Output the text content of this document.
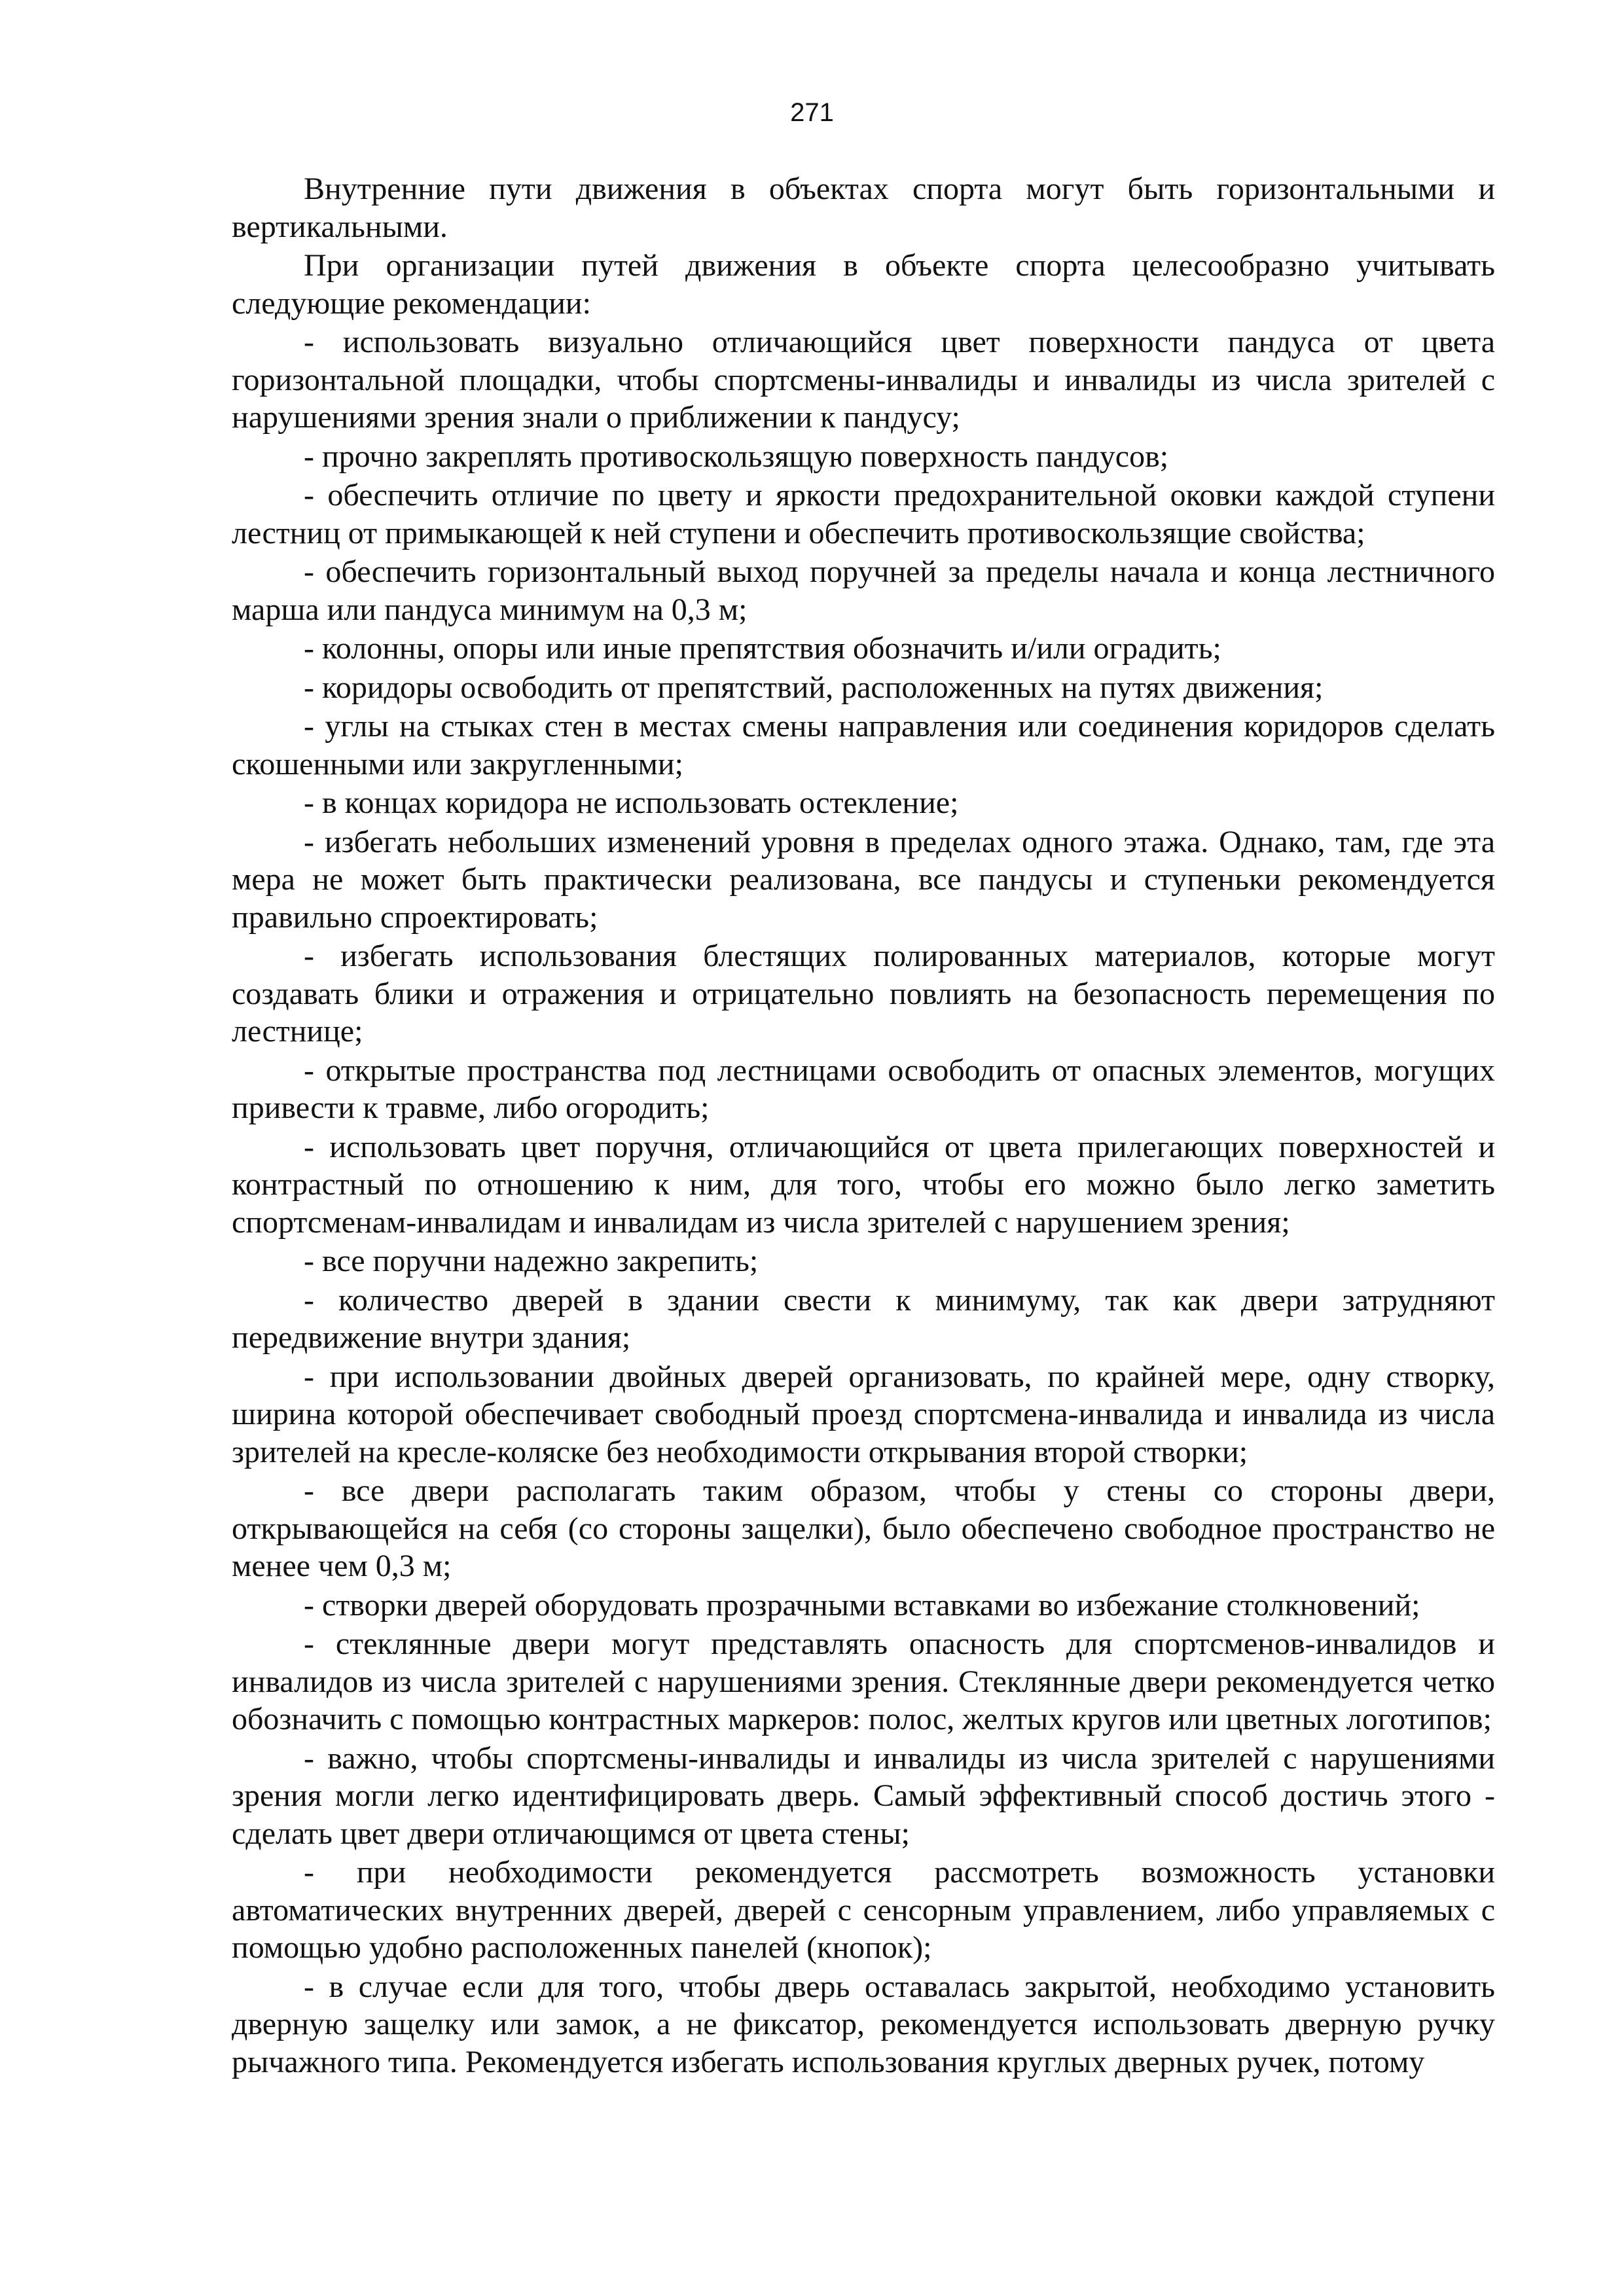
271

Внутренние пути движения в объектах спорта могут быть горизонтальными и вертикальными.

При организации путей движения в объекте спорта целесообразно учитывать следующие рекомендации:

- использовать визуально отличающийся цвет поверхности пандуса от цвета горизонтальной площадки, чтобы спортсмены-инвалиды и инвалиды из числа зрителей с нарушениями зрения знали о приближении к пандусу;

- прочно закреплять противоскользящую поверхность пандусов;

- обеспечить отличие по цвету и яркости предохранительной оковки каждой ступени лестниц от примыкающей к ней ступени и обеспечить противоскользящие свойства;

- обеспечить горизонтальный выход поручней за пределы начала и конца лестничного марша или пандуса минимум на 0,3 м;

- колонны, опоры или иные препятствия обозначить и/или оградить;

- коридоры освободить от препятствий, расположенных на путях движения;

- углы на стыках стен в местах смены направления или соединения коридоров сделать скошенными или закругленными;

- в концах коридора не использовать остекление;

- избегать небольших изменений уровня в пределах одного этажа. Однако, там, где эта мера не может быть практически реализована, все пандусы и ступеньки рекомендуется правильно спроектировать;

- избегать использования блестящих полированных материалов, которые могут создавать блики и отражения и отрицательно повлиять на безопасность перемещения по лестнице;

- открытые пространства под лестницами освободить от опасных элементов, могущих привести к травме, либо огородить;

- использовать цвет поручня, отличающийся от цвета прилегающих поверхностей и контрастный по отношению к ним, для того, чтобы его можно было легко заметить спортсменам-инвалидам и инвалидам из числа зрителей с нарушением зрения;

- все поручни надежно закрепить;

- количество дверей в здании свести к минимуму, так как двери затрудняют передвижение внутри здания;

- при использовании двойных дверей организовать, по крайней мере, одну створку, ширина которой обеспечивает свободный проезд спортсмена-инвалида и инвалида из числа зрителей на кресле-коляске без необходимости открывания второй створки;

- все двери располагать таким образом, чтобы у стены со стороны двери, открывающейся на себя (со стороны защелки), было обеспечено свободное пространство не менее чем 0,3 м;

- створки дверей оборудовать прозрачными вставками во избежание столкновений;

- стеклянные двери могут представлять опасность для спортсменов-инвалидов и инвалидов из числа зрителей с нарушениями зрения. Стеклянные двери рекомендуется четко обозначить с помощью контрастных маркеров: полос, желтых кругов или цветных логотипов;

- важно, чтобы спортсмены-инвалиды и инвалиды из числа зрителей с нарушениями зрения могли легко идентифицировать дверь. Самый эффективный способ достичь этого - сделать цвет двери отличающимся от цвета стены;

- при необходимости рекомендуется рассмотреть возможность установки автоматических внутренних дверей, дверей с сенсорным управлением, либо управляемых с помощью удобно расположенных панелей (кнопок);

- в случае если для того, чтобы дверь оставалась закрытой, необходимо установить дверную защелку или замок, а не фиксатор, рекомендуется использовать дверную ручку рычажного типа. Рекомендуется избегать использования круглых дверных ручек, потому
